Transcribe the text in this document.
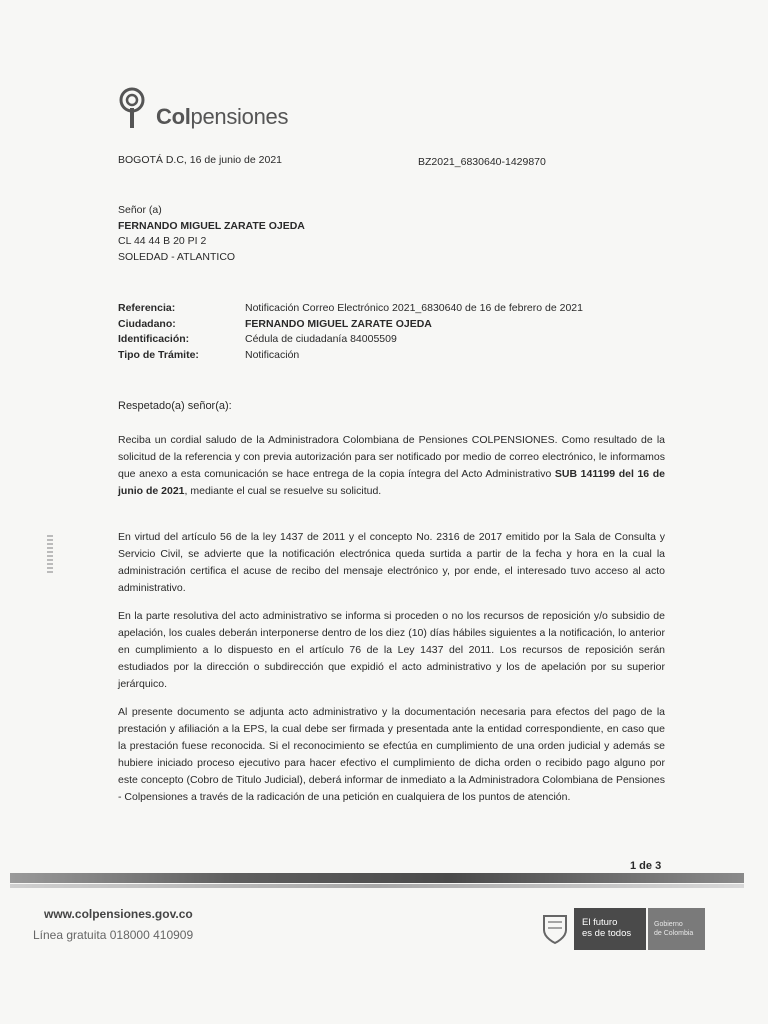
Colpensiones
BOGOTÁ D.C, 16 de junio de 2021	BZ2021_6830640-1429870
Señor (a)
FERNANDO MIGUEL ZARATE OJEDA
CL 44 44 B 20 PI 2
SOLEDAD - ATLANTICO
Referencia:	Notificación Correo Electrónico 2021_6830640 de 16 de febrero de 2021
Ciudadano:	FERNANDO MIGUEL ZARATE OJEDA
Identificación:	Cédula de ciudadanía 84005509
Tipo de Trámite:	Notificación
Respetado(a) señor(a):
Reciba un cordial saludo de la Administradora Colombiana de Pensiones COLPENSIONES. Como resultado de la solicitud de la referencia y con previa autorización para ser notificado por medio de correo electrónico, le informamos que anexo a esta comunicación se hace entrega de la copia íntegra del Acto Administrativo SUB 141199 del 16 de junio de 2021, mediante el cual se resuelve su solicitud.
En virtud del artículo 56 de la ley 1437 de 2011 y el concepto No. 2316 de 2017 emitido por la Sala de Consulta y Servicio Civil, se advierte que la notificación electrónica queda surtida a partir de la fecha y hora en la cual la administración certifica el acuse de recibo del mensaje electrónico y, por ende, el interesado tuvo acceso al acto administrativo.
En la parte resolutiva del acto administrativo se informa si proceden o no los recursos de reposición y/o subsidio de apelación, los cuales deberán interponerse dentro de los diez (10) días hábiles siguientes a la notificación, lo anterior en cumplimiento a lo dispuesto en el artículo 76 de la Ley 1437 del 2011. Los recursos de reposición serán estudiados por la dirección o subdirección que expidió el acto administrativo y los de apelación por su superior jerárquico.
Al presente documento se adjunta acto administrativo y la documentación necesaria para efectos del pago de la prestación y afiliación a la EPS, la cual debe ser firmada y presentada ante la entidad correspondiente, en caso que la prestación fuese reconocida. Si el reconocimiento se efectúa en cumplimiento de una orden judicial y además se hubiere iniciado proceso ejecutivo para hacer efectivo el cumplimiento de dicha orden o recibido pago alguno por este concepto (Cobro de Titulo Judicial), deberá informar de inmediato a la Administradora Colombiana de Pensiones - Colpensiones a través de la radicación de una petición en cualquiera de los puntos de atención.
1 de 3
www.colpensiones.gov.co
Línea gratuita 018000 410909
El futuro
es de todos
Gobierno
de Colombia
